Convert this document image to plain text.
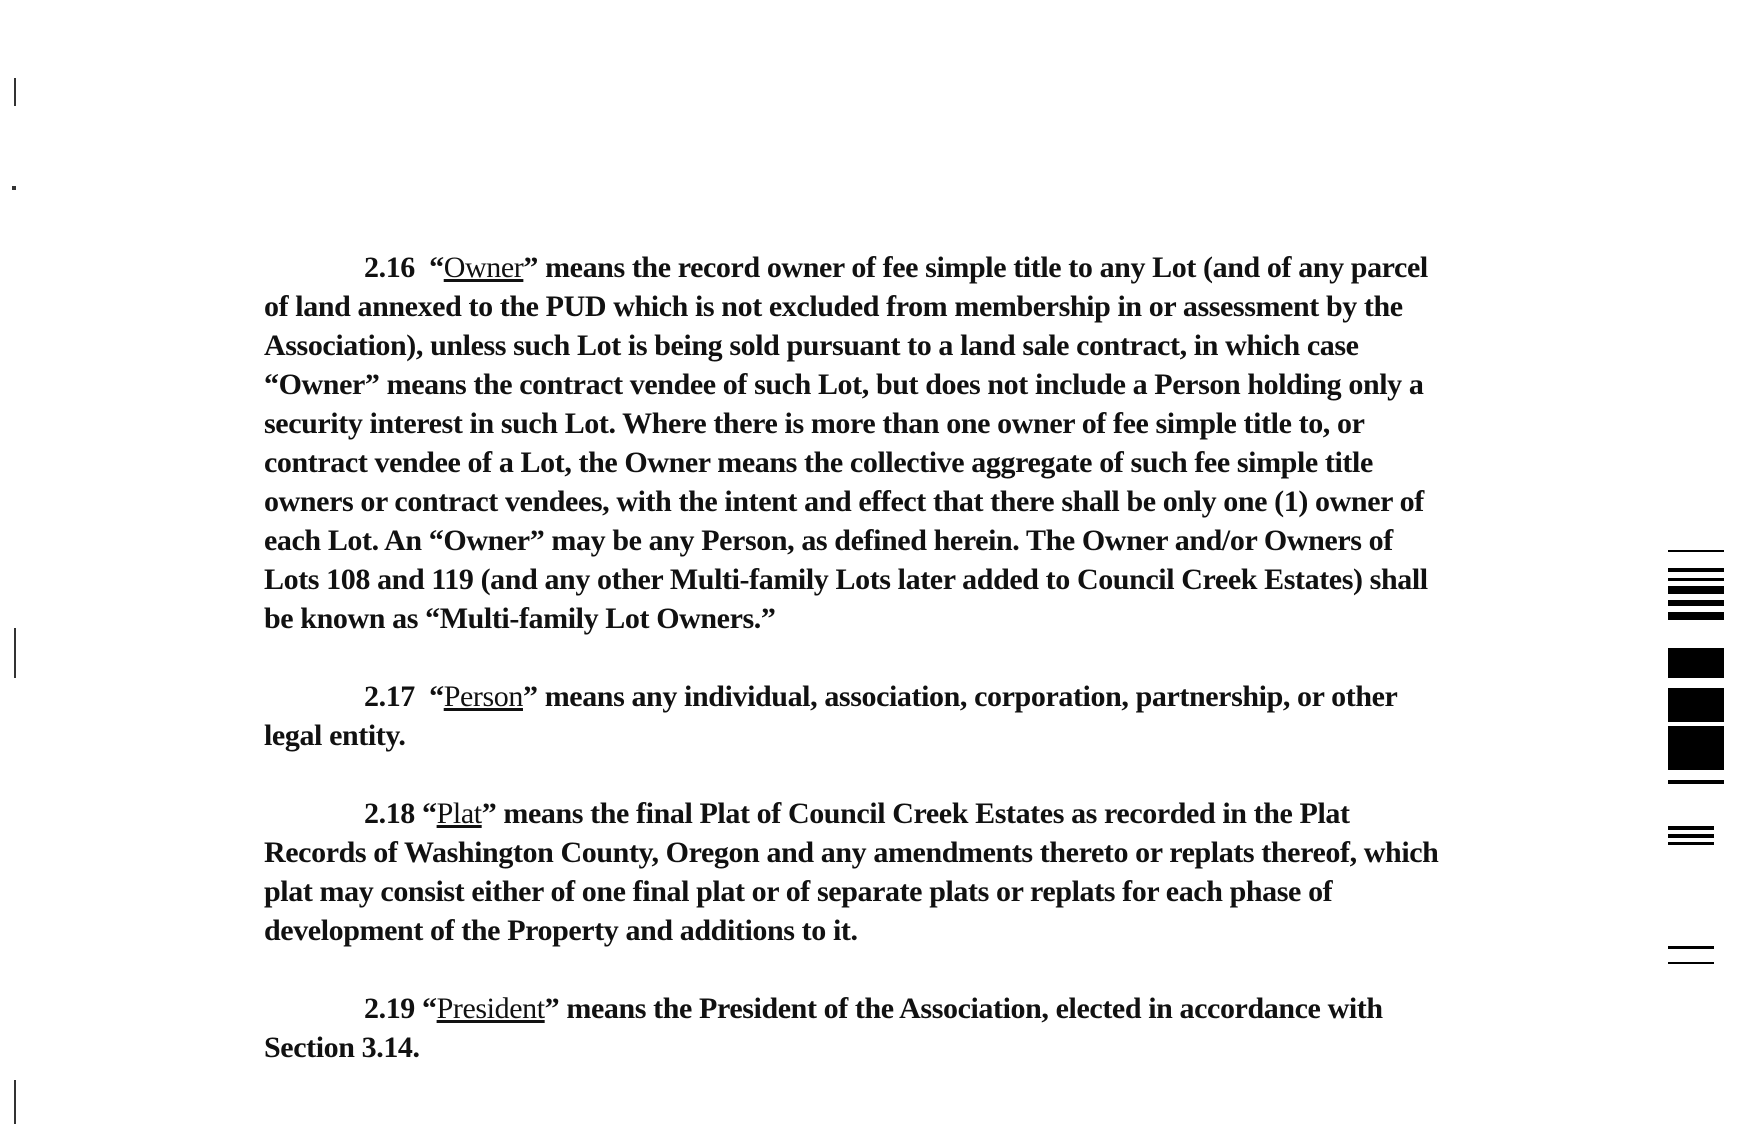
2.16  “Owner” means the record owner of fee simple title to any Lot (and of any parcel of land annexed to the PUD which is not excluded from membership in or assessment by the Association), unless such Lot is being sold pursuant to a land sale contract, in which case “Owner” means the contract vendee of such Lot, but does not include a Person holding only a security interest in such Lot. Where there is more than one owner of fee simple title to, or contract vendee of a Lot, the Owner means the collective aggregate of such fee simple title owners or contract vendees, with the intent and effect that there shall be only one (1) owner of each Lot. An “Owner” may be any Person, as defined herein. The Owner and/or Owners of Lots 108 and 119 (and any other Multi-family Lots later added to Council Creek Estates) shall be known as “Multi-family Lot Owners.”

2.17  “Person” means any individual, association, corporation, partnership, or other legal entity.

2.18 “Plat” means the final Plat of Council Creek Estates as recorded in the Plat Records of Washington County, Oregon and any amendments thereto or replats thereof, which plat may consist either of one final plat or of separate plats or replats for each phase of development of the Property and additions to it.

2.19 “President” means the President of the Association, elected in accordance with Section 3.14.
